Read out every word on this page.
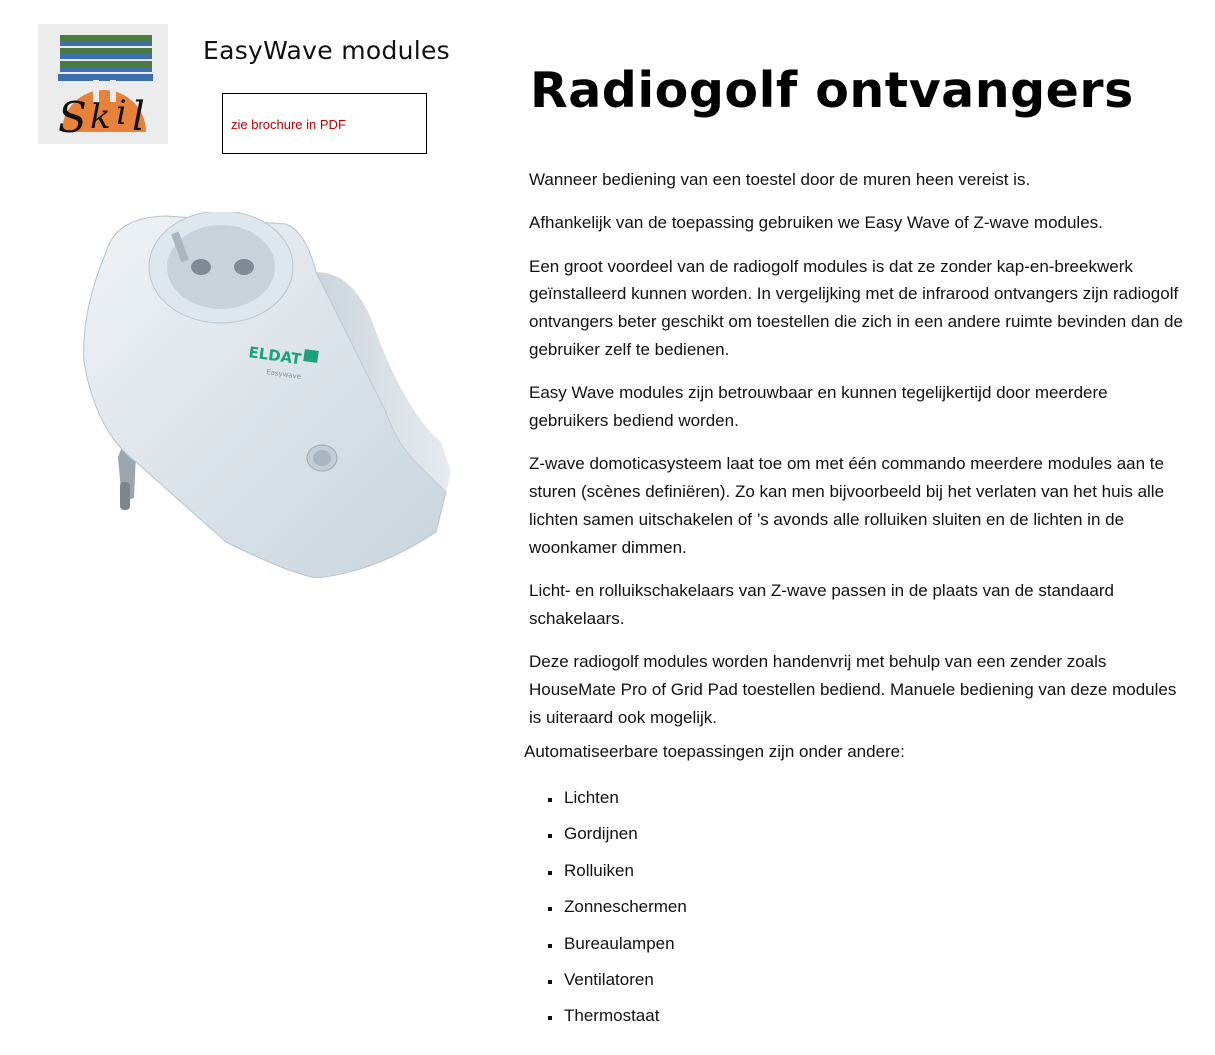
S k i l
EasyWave modules
zie brochure in PDF
ELDAT
Easywave
Radiogolf ontvangers

Wanneer bediening van een toestel door de muren heen vereist is.

Afhankelijk van de toepassing gebruiken we Easy Wave of Z-wave modules.

Een groot voordeel van de radiogolf modules is dat ze zonder kap-en-breekwerk geïnstalleerd kunnen worden. In vergelijking met de infrarood ontvangers zijn radiogolf ontvangers beter geschikt om toestellen die zich in een andere ruimte bevinden dan de gebruiker zelf te bedienen.

Easy Wave modules zijn betrouwbaar en kunnen tegelijkertijd door meerdere gebruikers bediend worden.

Z-wave domoticasysteem laat toe om met één commando meerdere modules aan te sturen (scènes definiëren). Zo kan men bijvoorbeeld bij het verlaten van het huis alle lichten samen uitschakelen of ’s avonds alle rolluiken sluiten en de lichten in de woonkamer dimmen.

Licht- en rolluikschakelaars van Z-wave passen in de plaats van de standaard schakelaars.

Deze radiogolf modules worden handenvrij met behulp van een zender zoals HouseMate Pro of Grid Pad toestellen bediend. Manuele bediening van deze modules is uiteraard ook mogelijk.

Automatiseerbare toepassingen zijn onder andere:
Lichten
Gordijnen
Rolluiken
Zonneschermen
Bureaulampen
Ventilatoren
Thermostaat
